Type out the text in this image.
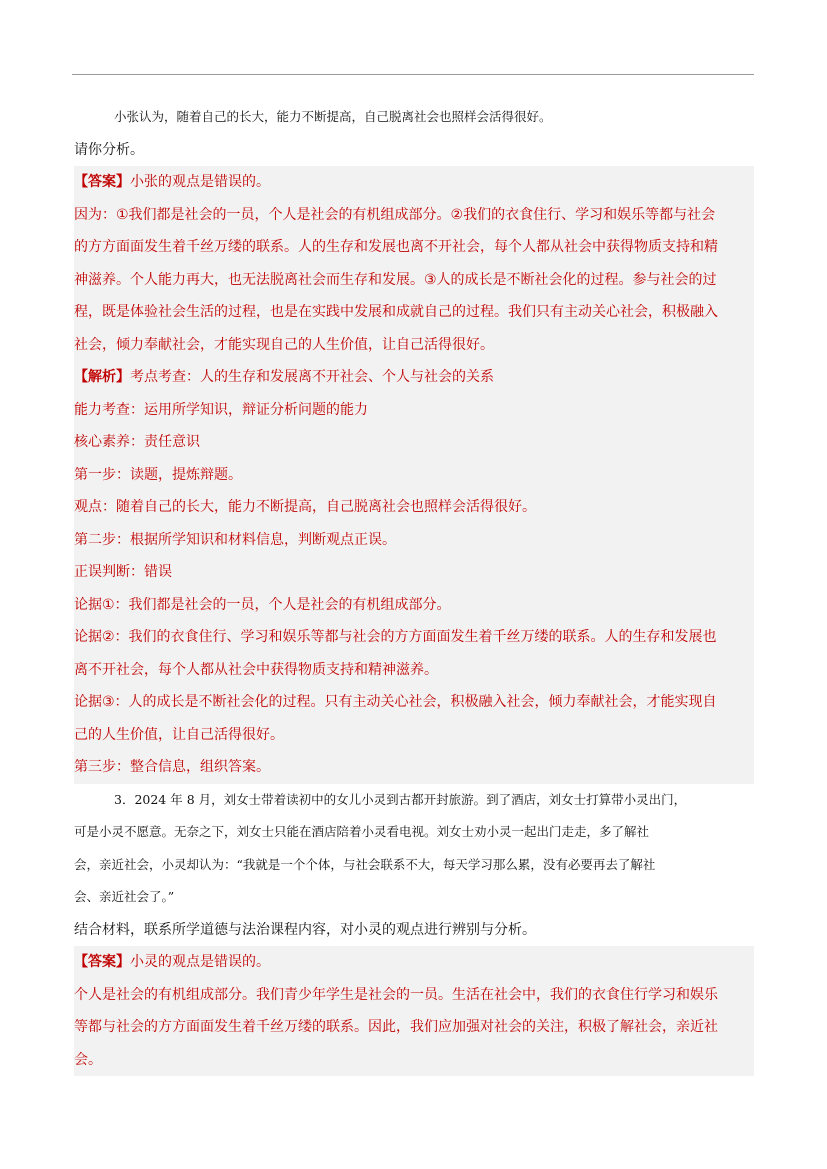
小张认为，随着自己的长大，能力不断提高，自己脱离社会也照样会活得很好。
请你分析。
【答案】小张的观点是错误的。
因为：①我们都是社会的一员，个人是社会的有机组成部分。②我们的衣食住行、学习和娱乐等都与社会
的方方面面发生着千丝万缕的联系。人的生存和发展也离不开社会，每个人都从社会中获得物质支持和精
神滋养。个人能力再大，也无法脱离社会而生存和发展。③人的成长是不断社会化的过程。参与社会的过
程，既是体验社会生活的过程，也是在实践中发展和成就自己的过程。我们只有主动关心社会，积极融入
社会，倾力奉献社会，才能实现自己的人生价值，让自己活得很好。
【解析】考点考查：人的生存和发展离不开社会、个人与社会的关系
能力考查：运用所学知识，辩证分析问题的能力
核心素养：责任意识
第一步：读题，提炼辩题。
观点：随着自己的长大，能力不断提高，自己脱离社会也照样会活得很好。
第二步：根据所学知识和材料信息，判断观点正误。
正误判断：错误
论据①：我们都是社会的一员，个人是社会的有机组成部分。
论据②：我们的衣食住行、学习和娱乐等都与社会的方方面面发生着千丝万缕的联系。人的生存和发展也
离不开社会，每个人都从社会中获得物质支持和精神滋养。
论据③：人的成长是不断社会化的过程。只有主动关心社会，积极融入社会，倾力奉献社会，才能实现自
己的人生价值，让自己活得很好。
第三步：整合信息，组织答案。
3．2024 年 8 月，刘女士带着读初中的女儿小灵到古都开封旅游。到了酒店，刘女士打算带小灵出门，
可是小灵不愿意。无奈之下，刘女士只能在酒店陪着小灵看电视。刘女士劝小灵一起出门走走，多了解社
会，亲近社会，小灵却认为：“我就是一个个体，与社会联系不大，每天学习那么累，没有必要再去了解社
会、亲近社会了。”
结合材料，联系所学道德与法治课程内容，对小灵的观点进行辨别与分析。
【答案】小灵的观点是错误的。
个人是社会的有机组成部分。我们青少年学生是社会的一员。生活在社会中，我们的衣食住行学习和娱乐
等都与社会的方方面面发生着千丝万缕的联系。因此，我们应加强对社会的关注，积极了解社会，亲近社
会。
